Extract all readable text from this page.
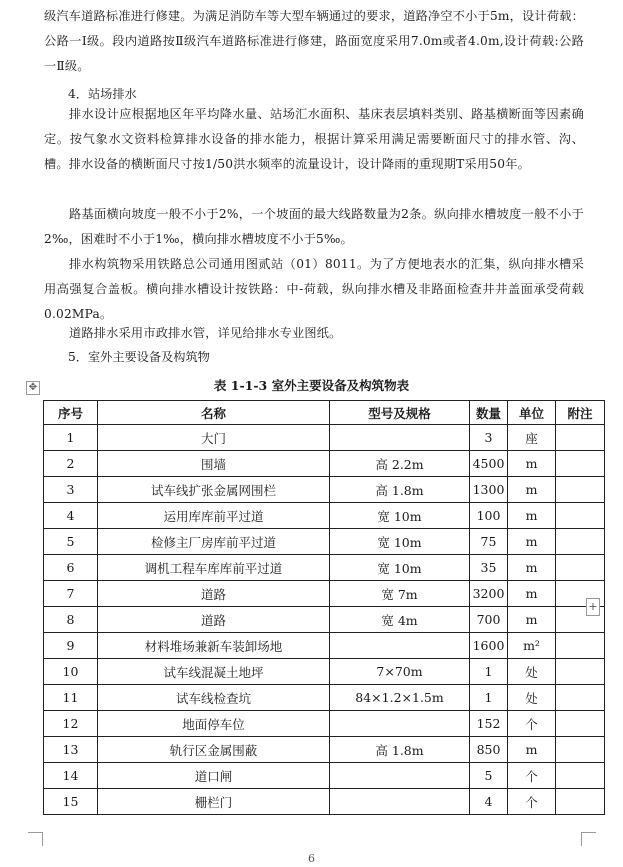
级汽车道路标准进行修建。为满足消防车等大型车辆通过的要求，道路净空不小于5m，设计荷载：公路一Ⅰ级。段内道路按Ⅱ级汽车道路标准进行修建，路面宽度采用7.0m或者4.0m,设计荷载:公路一Ⅱ级。

4．站场排水

排水设计应根据地区年平均降水量、站场汇水面积、基床表层填料类别、路基横断面等因素确定。按气象水文资料检算排水设备的排水能力，根据计算采用满足需要断面尺寸的排水管、沟、槽。排水设备的横断面尺寸按1/50洪水频率的流量设计，设计降雨的重现期T采用50年。

路基面横向坡度一般不小于2%，一个坡面的最大线路数量为2条。纵向排水槽坡度一般不小于2‰，困难时不小于1‰，横向排水槽坡度不小于5‰。

排水构筑物采用铁路总公司通用图贰站（01）8011。为了方便地表水的汇集，纵向排水槽采用高强复合盖板。横向排水槽设计按铁路：中-荷载，纵向排水槽及非路面检查井井盖面承受荷载0.02MPa。

道路排水采用市政排水管，详见给排水专业图纸。

5．室外主要设备及构筑物

✥	表 1-1-3 室外主要设备及构筑物表
序号	名称	型号及规格	数量	单位	附注
1	大门		3	座	
2	围墙	高 2.2m	4500	m	
3	试车线扩张金属网围栏	高 1.8m	1300	m	
4	运用库库前平过道	宽 10m	100	m	
5	检修主厂房库前平过道	宽 10m	75	m	
6	调机工程车库库前平过道	宽 10m	35	m	
7	道路	宽 7m	3200	m	
8	道路	宽 4m	700	m	
9	材料堆场兼新车装卸场地		1600	m²	
10	试车线混凝土地坪	7×70m	1	处	
11	试车线检查坑	84×1.2×1.5m	1	处	
12	地面停车位		152	个	
13	轨行区金属围蔽	高 1.8m	850	m	
14	道口闸		5	个	
15	栅栏门		4	个	
+
6
